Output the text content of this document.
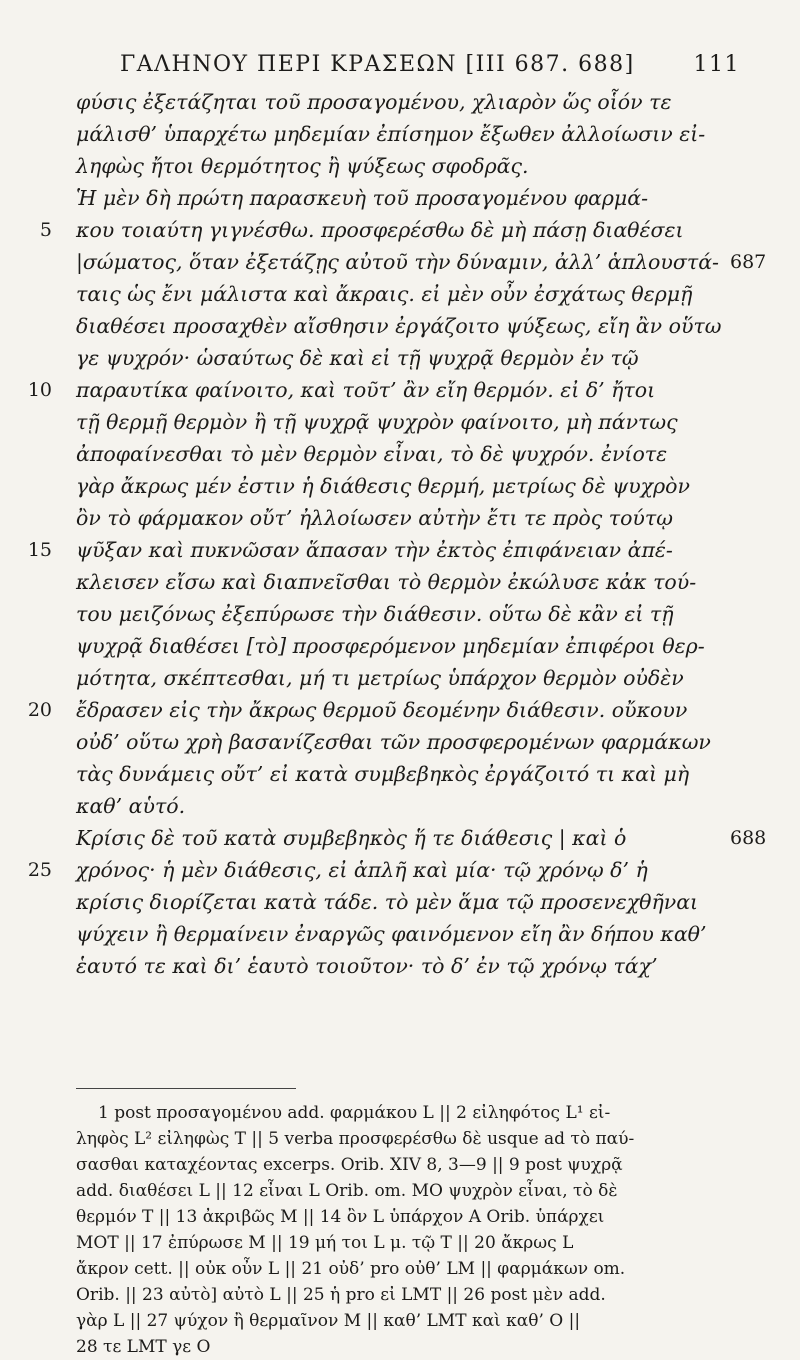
ΓΑΛΗΝΟΥ ΠΕΡΙ ΚΡΑΣΕΩΝ [III 687. 688]	111
φύσις ἐξετάζηται τοῦ προσαγομένου, χλιαρὸν ὥς οἷόν τε
μάλισθ’ ὑπαρχέτω μηδεμίαν ἐπίσημον ἔξωθεν ἀλλοίωσιν εἰ-
ληφὼς ἤτοι θερμότητος ἢ ψύξεως σφοδρᾶς.
Ἡ μὲν δὴ πρώτη παρασκευὴ τοῦ προσαγομένου φαρμά-
5 κου τοιαύτη γιγνέσθω. προσφερέσθω δὲ μὴ πάσῃ διαθέσει
|σώματος, ὅταν ἐξετάζῃς αὐτοῦ τὴν δύναμιν, ἀλλ’ ἁπλουστά- 687
ταις ὡς ἔνι μάλιστα καὶ ἄκραις. εἰ μὲν οὖν ἐσχάτως θερμῇ
διαθέσει προσαχθὲν αἴσθησιν ἐργάζοιτο ψύξεως, εἴη ἂν οὕτω
γε ψυχρόν· ὡσαύτως δὲ καὶ εἰ τῇ ψυχρᾷ θερμὸν ἐν τῷ
10 παραυτίκα φαίνοιτο, καὶ τοῦτ’ ἂν εἴη θερμόν. εἰ δ’ ἤτοι
τῇ θερμῇ θερμὸν ἢ τῇ ψυχρᾷ ψυχρὸν φαίνοιτο, μὴ πάντως
ἀποφαίνεσθαι τὸ μὲν θερμὸν εἶναι, τὸ δὲ ψυχρόν. ἐνίοτε
γὰρ ἄκρως μέν ἐστιν ἡ διάθεσις θερμή, μετρίως δὲ ψυχρὸν
ὂν τὸ φάρμακον οὔτ’ ἠλλοίωσεν αὐτὴν ἔτι τε πρὸς τούτῳ
15 ψῦξαν καὶ πυκνῶσαν ἅπασαν τὴν ἐκτὸς ἐπιφάνειαν ἀπέ-
κλεισεν εἴσω καὶ διαπνεῖσθαι τὸ θερμὸν ἐκώλυσε κἀκ τού-
του μειζόνως ἐξεπύρωσε τὴν διάθεσιν. οὕτω δὲ κἂν εἰ τῇ
ψυχρᾷ διαθέσει [τὸ] προσφερόμενον μηδεμίαν ἐπιφέροι θερ-
μότητα, σκέπτεσθαι, μή τι μετρίως ὑπάρχον θερμὸν οὐδὲν
20 ἔδρασεν εἰς τὴν ἄκρως θερμοῦ δεομένην διάθεσιν. οὔκουν
οὐδ’ οὕτω χρὴ βασανίζεσθαι τῶν προσφερομένων φαρμάκων
τὰς δυνάμεις οὔτ’ εἰ κατὰ συμβεβηκὸς ἐργάζοιτό τι καὶ μὴ
καθ’ αὑτό.
Κρίσις δὲ τοῦ κατὰ συμβεβηκὸς ἥ τε διάθεσις | καὶ ὁ	688
25 χρόνος· ἡ μὲν διάθεσις, εἰ ἁπλῆ καὶ μία· τῷ χρόνῳ δ’ ἡ
κρίσις διορίζεται κατὰ τάδε. τὸ μὲν ἅμα τῷ προσενεχθῆναι
ψύχειν ἢ θερμαίνειν ἐναργῶς φαινόμενον εἴη ἂν δήπου καθ’
ἑαυτό τε καὶ δι’ ἑαυτὸ τοιοῦτον· τὸ δ’ ἐν τῷ χρόνῳ τάχ’
1 post προσαγομένου add. φαρμάκου L || 2 εἰληφότος L¹ εἰ-
ληφὸς L² εἰληφὼς T || 5 verba προσφερέσθω δὲ usque ad τὸ παύ-
σασθαι καταχέοντας excerps. Orib. XIV 8, 3—9 || 9 post ψυχρᾷ
add. διαθέσει L || 12 εἶναι L Orib. om. MO ψυχρὸν εἶναι, τὸ δὲ
θερμόν T || 13 ἀκριβῶς M || 14 ὂν L ὑπάρχον A Orib. ὑπάρχει
MOT || 17 ἐπύρωσε M || 19 μή τοι L μ. τῷ T || 20 ἄκρως L
ἄκρον cett. || οὐκ οὖν L || 21 οὐδ’ pro οὐθ’ LM || φαρμάκων om.
Orib. || 23 αὐτὸ] αὐτὸ L || 25 ἡ pro εἰ LMT || 26 post μὲν add.
γὰρ L || 27 ψύχον ἢ θερμαῖνον M || καθ’ LMT καὶ καθ’ O ||
28 τε LMT γε O
